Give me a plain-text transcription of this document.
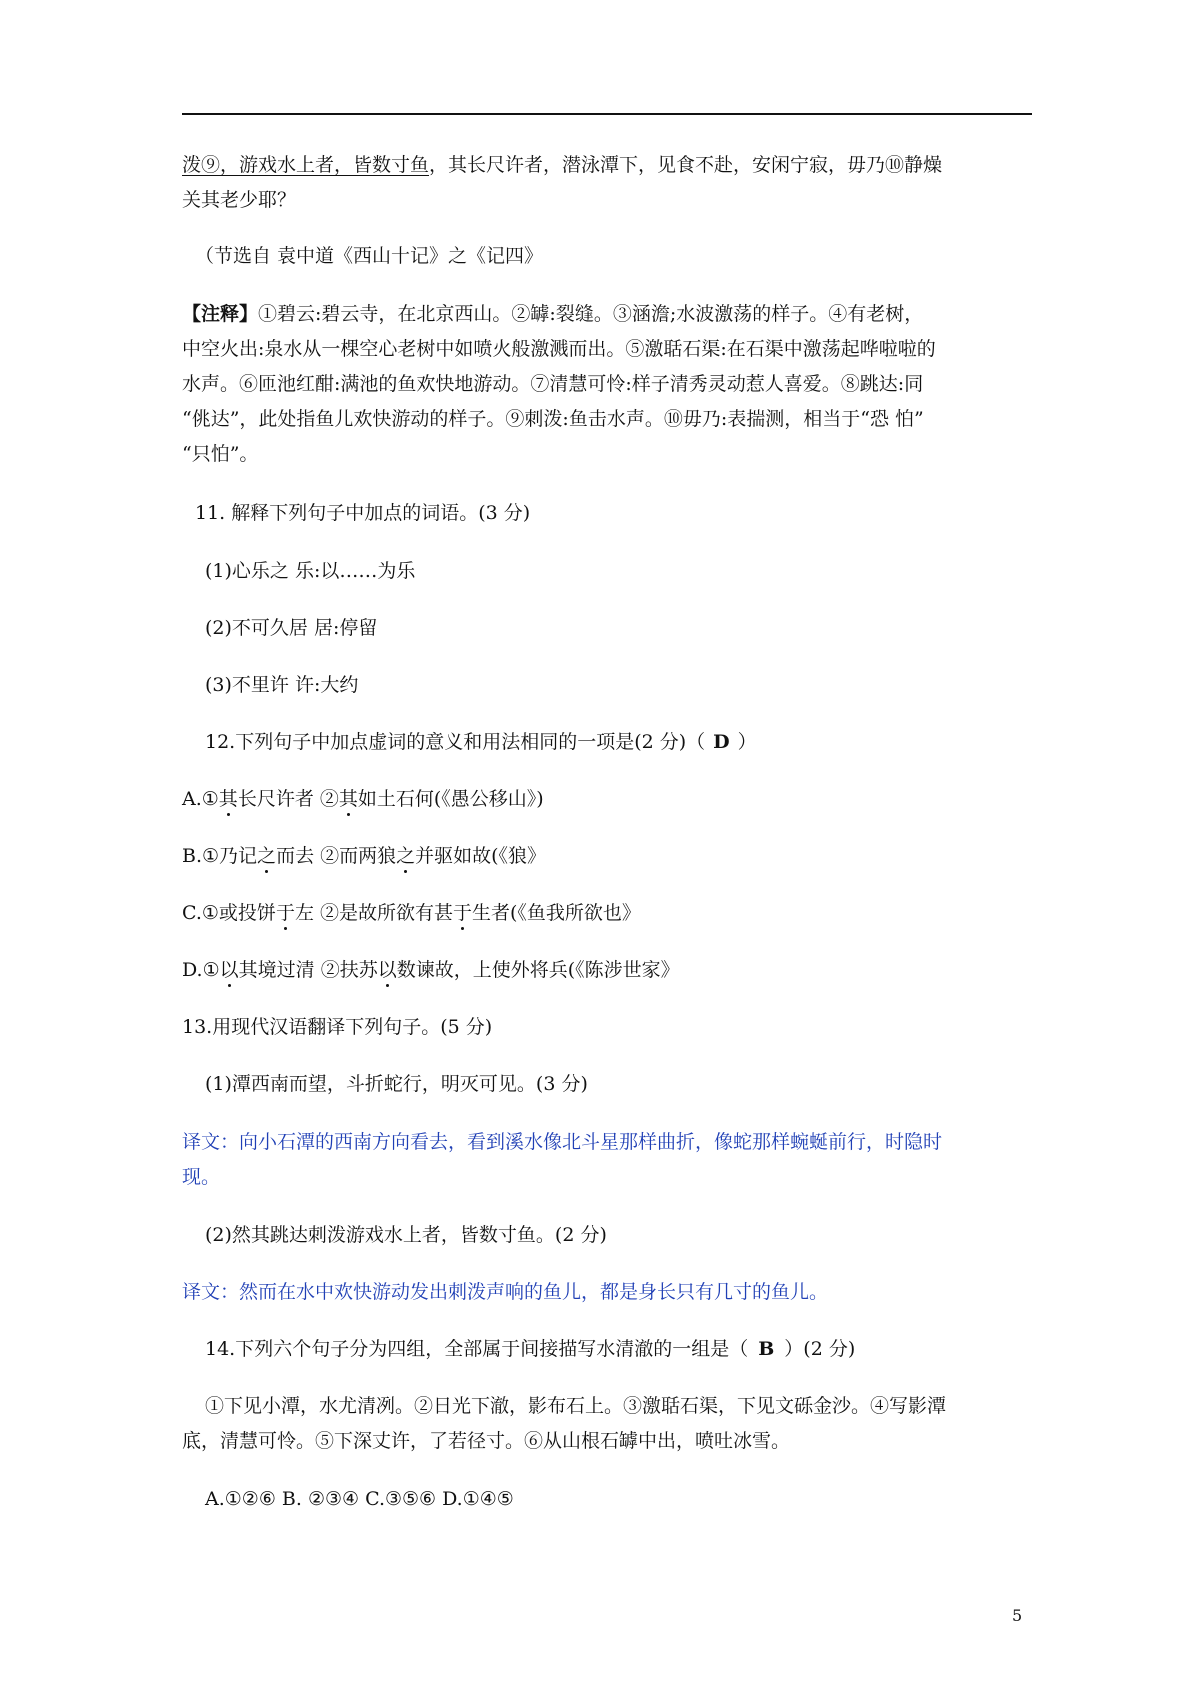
泼⑨，游戏水上者，皆数寸鱼，其长尺许者，潜泳潭下，见食不赴，安闲宁寂，毋乃⑩静燥
关其老少耶？
（节选自 袁中道《西山十记》之《记四》
【注释】①碧云:碧云寺，在北京西山。②罅:裂缝。③涵澹;水波激荡的样子。④有老树，
中空火出:泉水从一棵空心老树中如喷火般激溅而出。⑤激聒石渠:在石渠中激荡起哗啦啦的
水声。⑥匝池红酣:满池的鱼欢快地游动。⑦清慧可怜:样子清秀灵动惹人喜爱。⑧跳达:同
“佻达”，此处指鱼儿欢快游动的样子。⑨刺泼:鱼击水声。⑩毋乃:表揣测，相当于“恐 怕”
“只怕”。
11. 解释下列句子中加点的词语。(3 分)
(1)心乐之 乐:以……为乐
(2)不可久居 居:停留
(3)不里许 许:大约
12.下列句子中加点虚词的意义和用法相同的一项是(2 分)（ D ）
A.①其长尺许者 ②其如土石何(《愚公移山》)
B.①乃记之而去 ②而两狼之并驱如故(《狼》
C.①或投饼于左 ②是故所欲有甚于生者(《鱼我所欲也》
D.①以其境过清 ②扶苏以数谏故，上使外将兵(《陈涉世家》
13.用现代汉语翻译下列句子。(5 分)
(1)潭西南而望，斗折蛇行，明灭可见。(3 分)
译文：向小石潭的西南方向看去，看到溪水像北斗星那样曲折，像蛇那样蜿蜒前行，时隐时
现。
(2)然其跳达刺泼游戏水上者，皆数寸鱼。(2 分)
译文：然而在水中欢快游动发出刺泼声响的鱼儿，都是身长只有几寸的鱼儿。
14.下列六个句子分为四组，全部属于间接描写水清澈的一组是（ B ）(2 分)
①下见小潭，水尤清冽。②日光下澈，影布石上。③激聒石渠，下见文砾金沙。④写影潭
底，清慧可怜。⑤下深丈许，了若径寸。⑥从山根石罅中出，喷吐冰雪。
A.①②⑥ B. ②③④ C.③⑤⑥ D.①④⑤
5
